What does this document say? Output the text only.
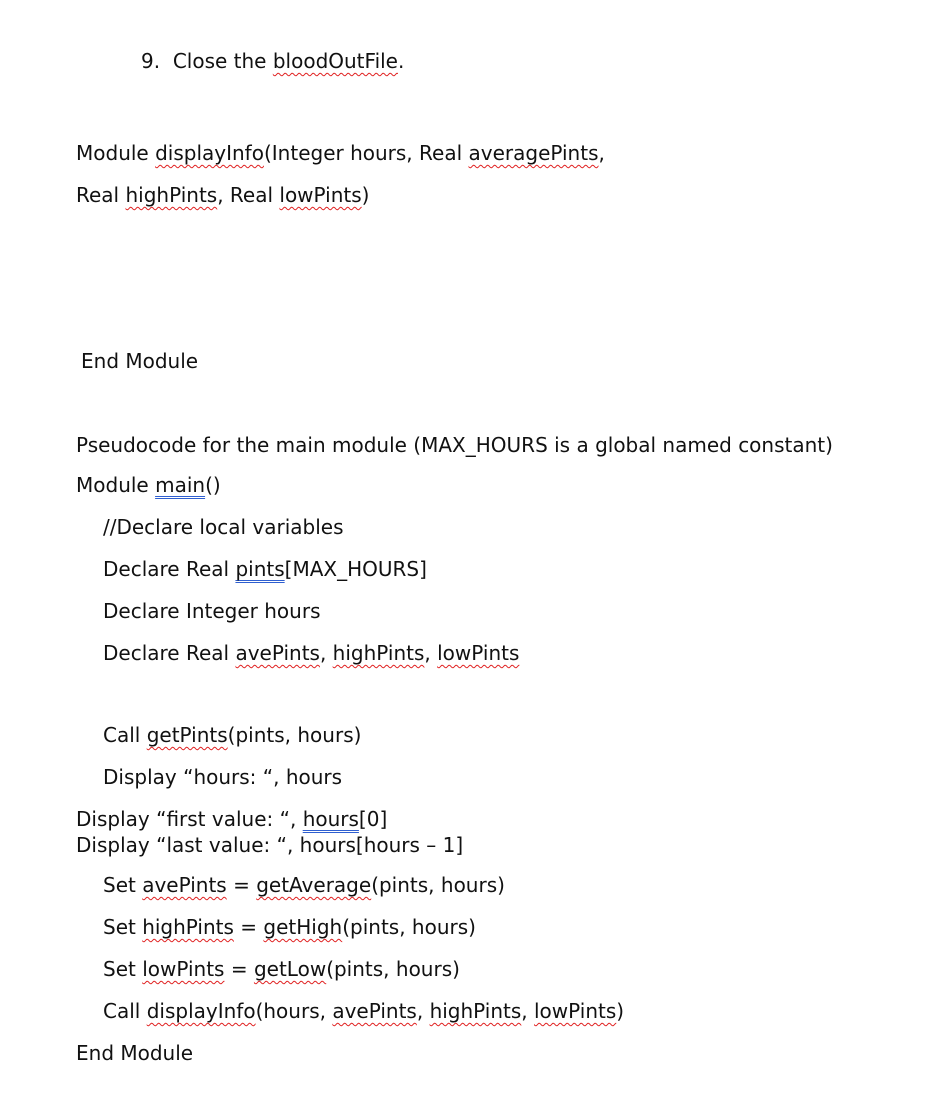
9. Close the bloodOutFile.
Module displayInfo(Integer hours, Real averagePints,
Real highPints, Real lowPints)
End Module
Pseudocode for the main module (MAX_HOURS is a global named constant)
Module main()
//Declare local variables
Declare Real pints[MAX_HOURS]
Declare Integer hours
Declare Real avePints, highPints, lowPints
Call getPints(pints, hours)
Display “hours: “, hours
Display “first value: “, hours[0]
Display “last value: “, hours[hours – 1]
Set avePints = getAverage(pints, hours)
Set highPints = getHigh(pints, hours)
Set lowPints = getLow(pints, hours)
Call displayInfo(hours, avePints, highPints, lowPints)
End Module
